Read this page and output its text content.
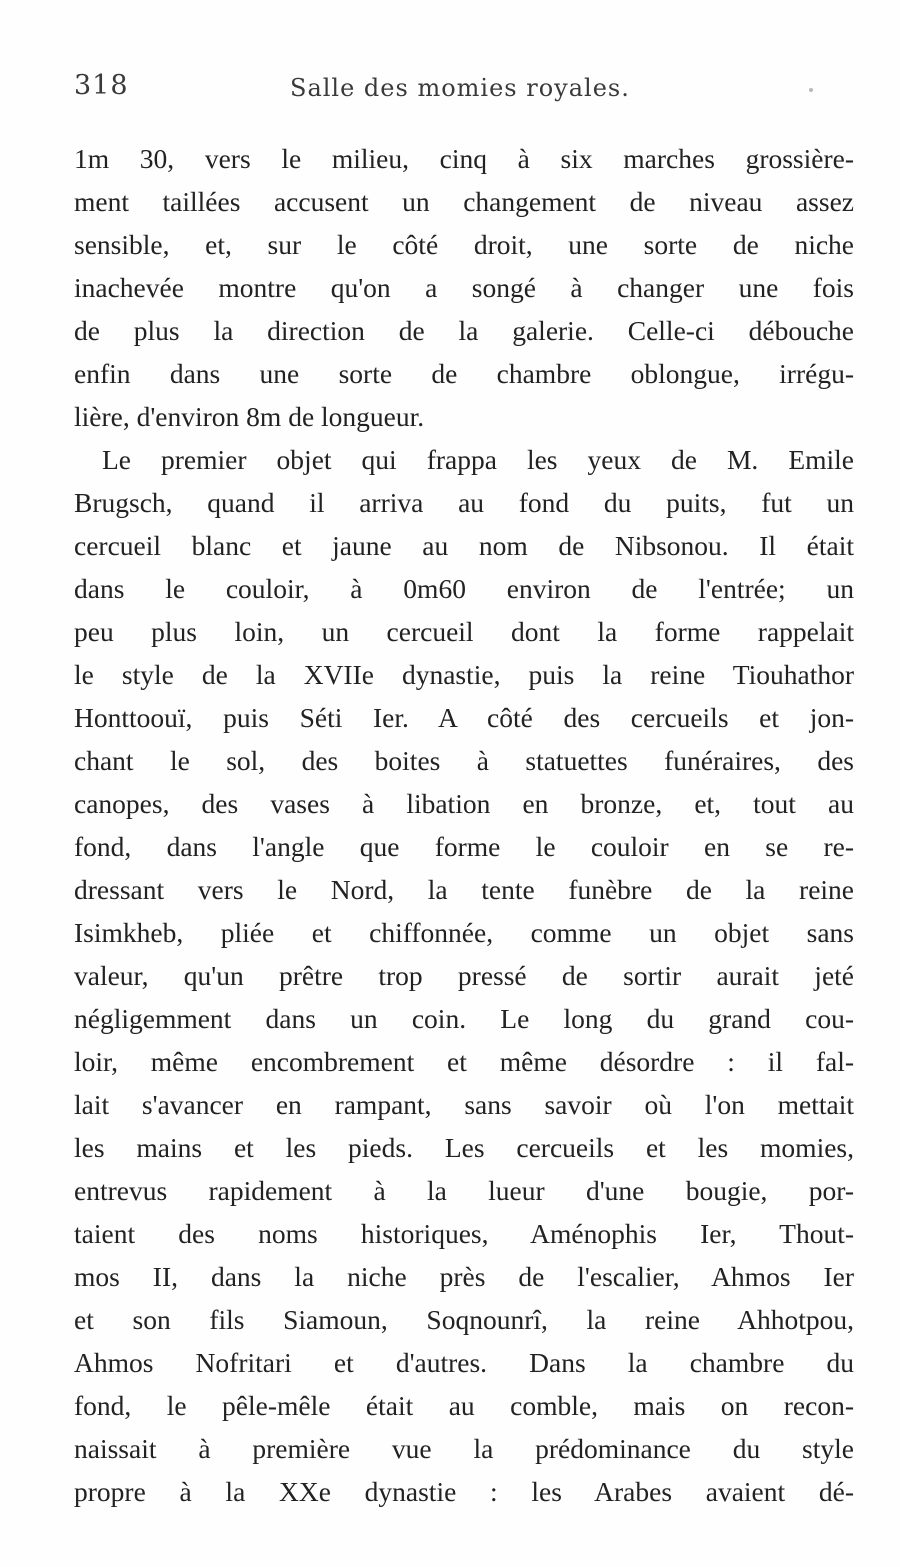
318	Salle des momies royales.
1m 30, vers le milieu, cinq à six marches grossière-
ment taillées accusent un changement de niveau assez
sensible, et, sur le côté droit, une sorte de niche
inachevée montre qu'on a songé à changer une fois
de plus la direction de la galerie. Celle-ci débouche
enfin dans une sorte de chambre oblongue, irrégu-
lière, d'environ 8m de longueur.
Le premier objet qui frappa les yeux de M. Emile
Brugsch, quand il arriva au fond du puits, fut un
cercueil blanc et jaune au nom de Nibsonou. Il était
dans le couloir, à 0m60 environ de l'entrée; un
peu plus loin, un cercueil dont la forme rappelait
le style de la XVIIe dynastie, puis la reine Tiouhathor
Honttoouï, puis Séti Ier. A côté des cercueils et jon-
chant le sol, des boites à statuettes funéraires, des
canopes, des vases à libation en bronze, et, tout au
fond, dans l'angle que forme le couloir en se re-
dressant vers le Nord, la tente funèbre de la reine
Isimkheb, pliée et chiffonnée, comme un objet sans
valeur, qu'un prêtre trop pressé de sortir aurait jeté
négligemment dans un coin. Le long du grand cou-
loir, même encombrement et même désordre : il fal-
lait s'avancer en rampant, sans savoir où l'on mettait
les mains et les pieds. Les cercueils et les momies,
entrevus rapidement à la lueur d'une bougie, por-
taient des noms historiques, Aménophis Ier, Thout-
mos II, dans la niche près de l'escalier, Ahmos Ier
et son fils Siamoun, Soqnounrî, la reine Ahhotpou,
Ahmos Nofritari et d'autres. Dans la chambre du
fond, le pêle-mêle était au comble, mais on recon-
naissait à première vue la prédominance du style
propre à la XXe dynastie : les Arabes avaient dé-
